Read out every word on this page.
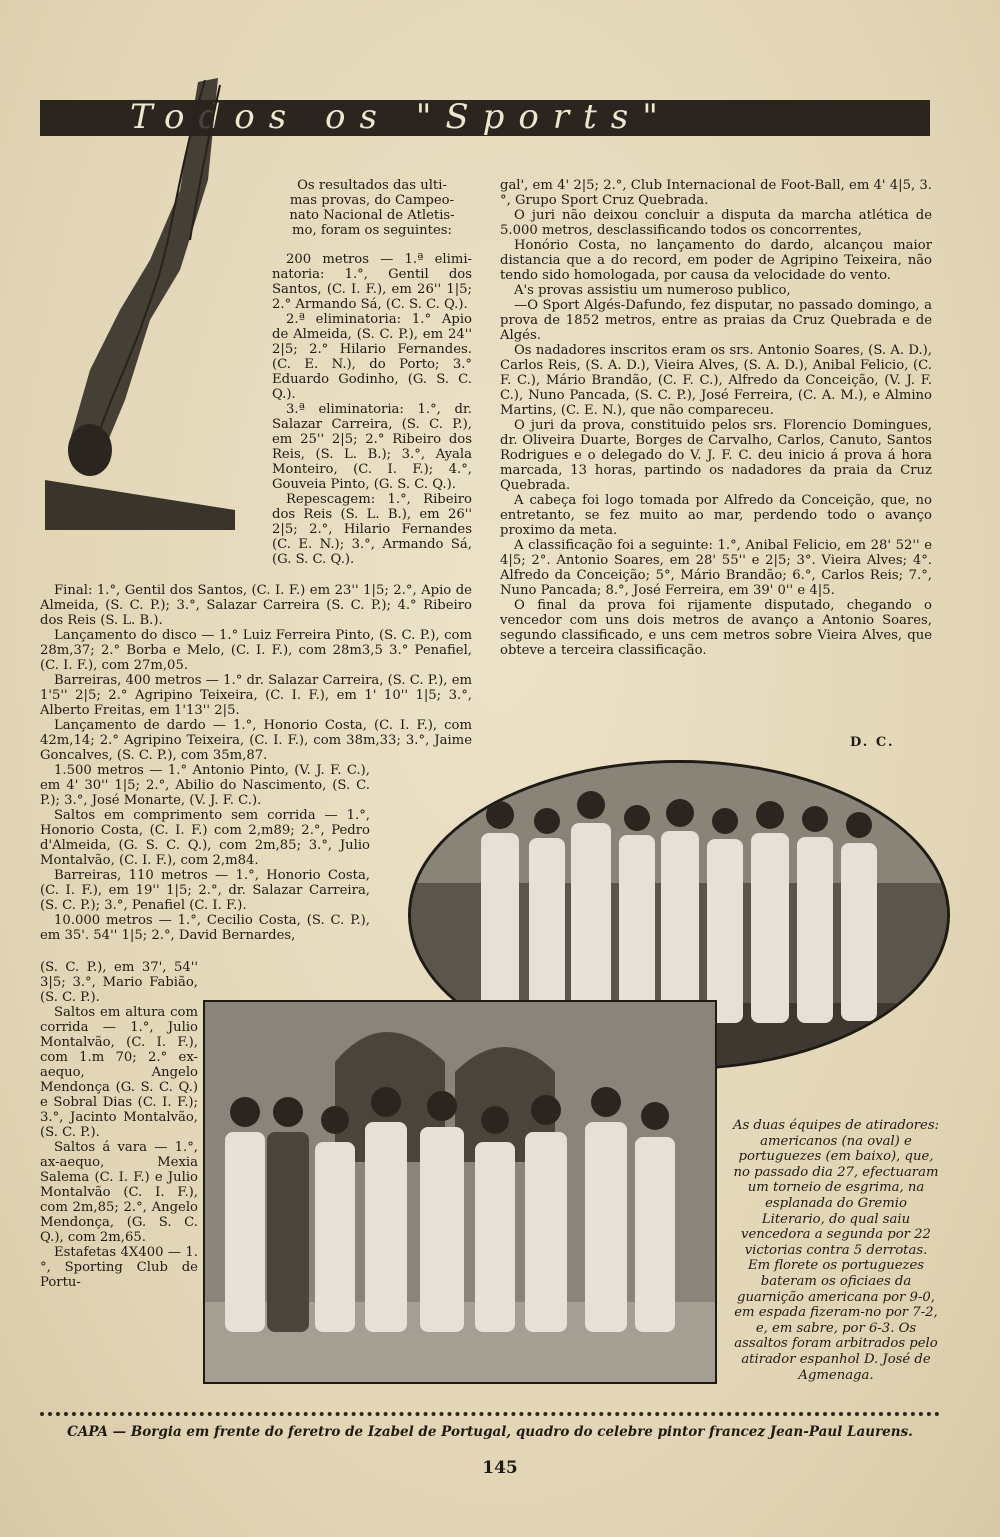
Todos os "Sports"

Os resultados das ulti-

mas provas, do Campeo-

nato Nacional de Atletis-

mo, foram os seguintes:

200 metros — 1.ª elimi-natoria: 1.°, Gentil dos Santos, (C. I. F.), em 26'' 1|5; 2.° Armando Sá, (C. S. C. Q.).

2.ª eliminatoria: 1.° Apio de Almeida, (S. C. P.), em 24'' 2|5; 2.° Hilario Fernandes. (C. E. N.), do Porto; 3.° Eduardo Godinho, (G. S. C. Q.).

3.ª eliminatoria: 1.°, dr. Salazar Carreira, (S. C. P.), em 25'' 2|5; 2.° Ribeiro dos Reis, (S. L. B.); 3.°, Ayala Monteiro, (C. I. F.); 4.°, Gouveia Pinto, (G. S. C. Q.).

Repescagem: 1.°, Ribeiro dos Reis (S. L. B.), em 26'' 2|5; 2.°, Hilario Fernandes (C. E. N.); 3.°, Armando Sá, (G. S. C. Q.).

Final: 1.°, Gentil dos Santos, (C. I. F.) em 23'' 1|5; 2.°, Apio de Almeida, (S. C. P.); 3.°, Salazar Carreira (S. C. P.); 4.° Ribeiro dos Reis (S. L. B.).

Lançamento do disco — 1.° Luiz Ferreira Pinto, (S. C. P.), com 28m,37; 2.° Borba e Melo, (C. I. F.), com 28m3,5 3.° Penafiel, (C. I. F.), com 27m,05.

Barreiras, 400 metros — 1.° dr. Salazar Carreira, (S. C. P.), em 1'5'' 2|5; 2.° Agripino Teixeira, (C. I. F.), em 1' 10'' 1|5; 3.°, Alberto Freitas, em 1'13'' 2|5.

Lançamento de dardo — 1.°, Honorio Costa, (C. I. F.), com 42m,14; 2.° Agripino Teixeira, (C. I. F.), com 38m,33; 3.°, Jaime Goncalves, (S. C. P.), com 35m,87.

1.500 metros — 1.° Antonio Pinto, (V. J. F. C.), em 4' 30'' 1|5; 2.°, Abilio do Nascimento, (S. C. P.); 3.°, José Monarte, (V. J. F. C.).

Saltos em comprimento sem corrida — 1.°, Honorio Costa, (C. I. F.) com 2,m89; 2.°, Pedro d'Almeida, (G. S. C. Q.), com 2m,85; 3.°, Julio Montalvão, (C. I. F.), com 2,m84.

Barreiras, 110 metros — 1.°, Honorio Costa, (C. I. F.), em 19'' 1|5; 2.°, dr. Salazar Carreira, (S. C. P.); 3.°, Penafiel (C. I. F.).

10.000 metros — 1.°, Cecilio Costa, (S. C. P.), em 35'. 54'' 1|5; 2.°, David Bernardes,

(S. C. P.), em 37', 54'' 3|5; 3.°, Mario Fabião, (S. C. P.).

Saltos em altura com corrida — 1.°, Julio Montalvão, (C. I. F.), com 1.m 70; 2.° ex-aequo, Angelo Mendonça (G. S. C. Q.) e Sobral Dias (C. I. F.); 3.°, Jacinto Montalvão, (S. C. P.).

Saltos á vara — 1.°, ax-aequo, Mexia Salema (C. I. F.) e Julio Montalvão (C. I. F.), com 2m,85; 2.°, Angelo Mendonça, (G. S. C. Q.), com 2m,65.

Estafetas 4X400 — 1.°, Sporting Club de Portu-

gal', em 4' 2|5; 2.°, Club Internacional de Foot-Ball, em 4' 4|5, 3.°, Grupo Sport Cruz Quebrada.

O juri não deixou concluir a disputa da marcha atlética de 5.000 metros, desclassificando todos os concorrentes,

Honório Costa, no lançamento do dardo, alcançou maior distancia que a do record, em poder de Agripino Teixeira, não tendo sido homologada, por causa da velocidade do vento.

A's provas assistiu um numeroso publico,

—O Sport Algés-Dafundo, fez disputar, no passado domingo, a prova de 1852 metros, entre as praias da Cruz Quebrada e de Algés.

Os nadadores inscritos eram os srs. Antonio Soares, (S. A. D.), Carlos Reis, (S. A. D.), Vieira Alves, (S. A. D.), Anibal Felicio, (C. F. C.), Mário Brandão, (C. F. C.), Alfredo da Conceição, (V. J. F. C.), Nuno Pancada, (S. C. P.), José Ferreira, (C. A. M.), e Almino Martins, (C. E. N.), que não compareceu.

O juri da prova, constituido pelos srs. Florencio Domingues, dr. Oliveira Duarte, Borges de Carvalho, Carlos, Canuto, Santos Rodrigues e o delegado do V. J. F. C. deu inicio á prova á hora marcada, 13 horas, partindo os nadadores da praia da Cruz Quebrada.

A cabeça foi logo tomada por Alfredo da Conceição, que, no entretanto, se fez muito ao mar, perdendo todo o avanço proximo da meta.

A classificação foi a seguinte: 1.°, Anibal Felicio, em 28' 52'' e 4|5; 2°. Antonio Soares, em 28' 55'' e 2|5; 3°. Vieira Alves; 4°. Alfredo da Conceição; 5°, Mário Brandão; 6.°, Carlos Reis; 7.°, Nuno Pancada; 8.°, José Ferreira, em 39' 0'' e 4|5.

O final da prova foi rijamente disputado, chegando o vencedor com uns dois metros de avanço a Antonio Soares, segundo classificado, e uns cem metros sobre Vieira Alves, que obteve a terceira classificação.

D. C.
As duas équipes de atiradores: americanos (na oval) e portuguezes (em baixo), que, no passado dia 27, efectuaram um torneio de esgrima, na esplanada do Gremio Literario, do qual saiu vencedora a segunda por 22 victorias contra 5 derrotas. Em florete os portuguezes bateram os oficiaes da guarnição americana por 9-0, em espada fizeram-no por 7-2, e, em sabre, por 6-3. Os assaltos foram arbitrados pelo atirador espanhol D. José de Agmenaga.
CAPA — Borgia em frente do feretro de Izabel de Portugal, quadro do celebre pintor francez Jean-Paul Laurens.
145
